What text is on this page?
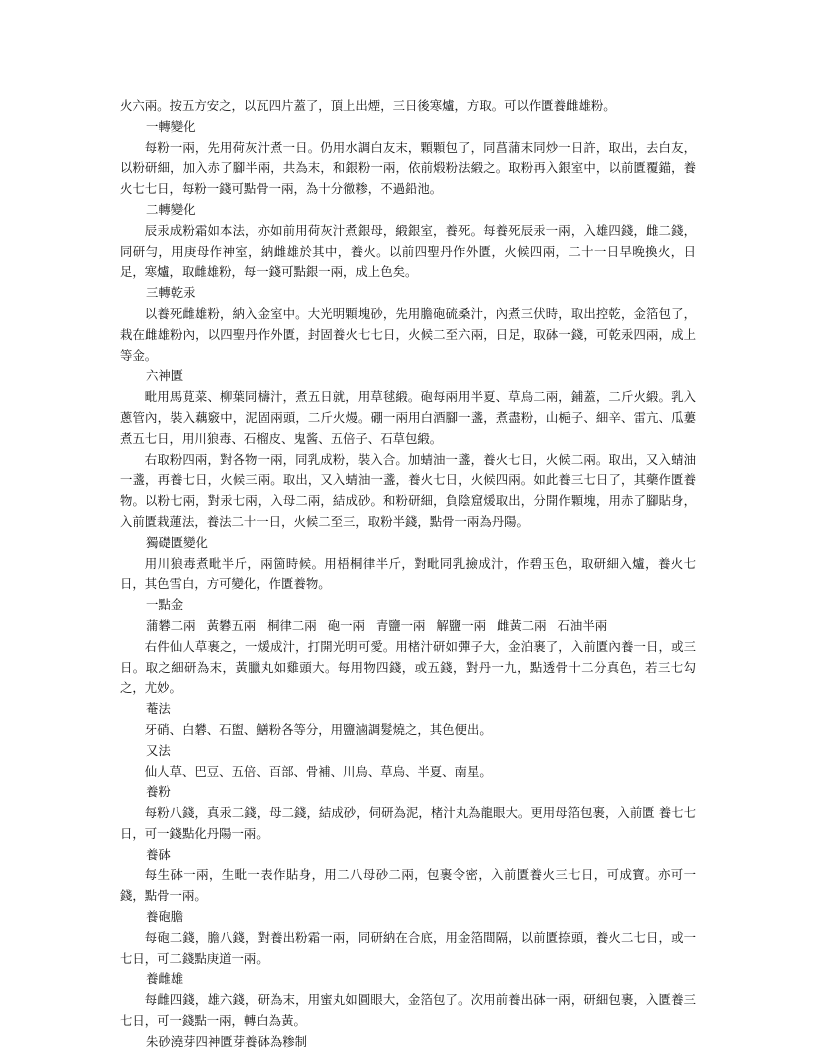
火六兩。按五方安之，以瓦四片蓋了，頂上出煙，三日後寒爐，方取。可以作匱養雌雄粉。
一轉變化
每粉一兩，先用荷灰汁煮一日。仍用水調白友末，顆顆包了，同菖蒲末同炒一日許，取出，去白友，以粉研細，加入赤了腳半兩，共為末，和銀粉一兩，依前煅粉法緞之。取粉再入銀室中，以前匱覆錨，養火七七日，每粉一錢可點骨一兩，為十分徹糁，不過鉛池。
二轉變化
辰汞成粉霜如本法，亦如前用荷灰汁煮銀母，緞銀室，養死。每養死辰汞一兩，入雄四錢，雌二錢，同研勻，用庚母作神室，納雌雄於其中，養火。以前四聖丹作外匱，火候四兩，二十一日早晚換火，日足，寒爐，取雌雄粉，每一錢可點銀一兩，成上色矣。
三轉乾汞
以養死雌雄粉，納入金室中。大光明顆塊砂，先用膽砲硫桑汁，內煮三伏時，取出控乾，金箔包了，栽在雌雄粉內，以四聖丹作外匱，封固養火七七日，火候二至六兩，日足，取砵一錢，可乾汞四兩，成上等金。
六神匱
毗用馬莧菜、柳葉同檮汁，煮五日就，用草毬緞。砲每兩用半夏、草烏二兩，鋪蓋，二斤火緞。乳入蔥管內，裝入藕竅中，泥固兩頭，二斤火熳。硼一兩用白酒腳一盞，煮盡粉，山梔子、細辛、雷亢、瓜蔞煮五七日，用川狼毒、石榴皮、鬼酱、五倍子、石草包緞。
右取粉四兩，對各物一兩，同乳成粉，裝入合。加蜻油一盞，養火七日，火候二兩。取出，又入蜻油一盞，再養七日，火候三兩。取出，又入蜻油一盞，養火七日，火候四兩。如此養三七日了，其藥作匱養物。以粉七兩，對汞七兩，入母二兩，結成砂。和粉研細，負陰窟煖取出，分開作顆塊，用赤了腳貼身，入前匱栽蓮法，養法二十一日，火候二至三，取粉半錢，點骨一兩為丹陽。
獨礎匱變化
用川狼毒煮毗半斤，兩箇時候。用梧桐律半斤，對毗同乳撿成汁，作碧玉色，取研細入爐，養火七日，其色雪白，方可變化，作匱養物。
一點金
蒲礬二兩 黃礬五兩 桐律二兩 砲一兩 青鹽一兩 解鹽一兩 雌黃二兩 石油半兩
右件仙人草裹之，一煖成汁，打開光明可愛。用楮汁研如彈子大，金泊裹了，入前匱內養一日，或三日。取之細研為末，黃臘丸如雞頭大。每用物四錢，或五錢，對丹一九，點透骨十二分真色，若三七勾之，尤妙。
菴法
牙硝、白礬、石盥、鱔粉各等分，用鹽滷調髮燒之，其色便出。
又法
仙人草、巴豆、五倍、百部、骨補、川烏、草烏、半夏、南星。
養粉
每粉八錢，真汞二錢，母二錢，結成砂，伺研為泥，楮汁丸為龍眼大。更用母箔包裹，入前匱 養七七日，可一錢點化丹陽一兩。
養砵
每生砵一兩，生毗一表作貼身，用二八母砂二兩，包裹令密，入前匱養火三七日，可成寶。亦可一錢，點骨一兩。
養砲膽
每砲二錢，膽八錢，對養出粉霜一兩，同研納在合底，用金箔間隔，以前匱捺頭，養火二七日，或一七日，可二錢點庚道一兩。
養雌雄
每雌四錢，雄六錢，研為末，用蜜丸如圓眼大，金箔包了。次用前養出砵一兩，研細包裹，入匱養三七日，可一錢點一兩，轉白為黃。
朱砂澆芽四神匱芽養砵為糁制
